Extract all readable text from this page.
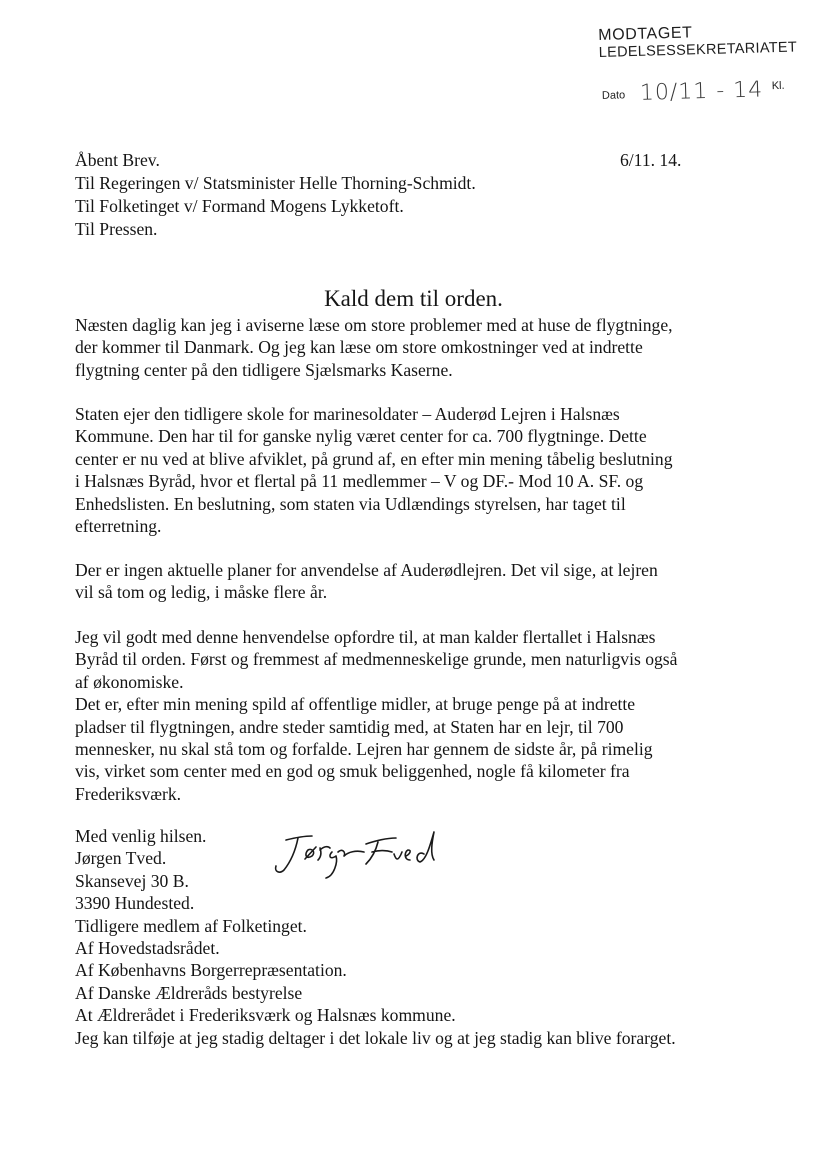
MODTAGET
LEDELSESSEKRETARIATET
Dato 10/11 - 14 Kl.
Åbent Brev.
Til Regeringen v/ Statsminister Helle Thorning-Schmidt.
Til Folketinget v/ Formand Mogens Lykketoft.
Til Pressen.
6/11. 14.
Kald dem til orden.
Næsten daglig kan jeg i aviserne læse om store problemer med at huse de flygtninge,
der kommer til Danmark. Og jeg kan læse om store omkostninger ved at indrette
flygtning center på den tidligere Sjælsmarks Kaserne.
Staten ejer den tidligere skole for marinesoldater – Auderød Lejren i Halsnæs
Kommune. Den har til for ganske nylig været center for ca. 700 flygtninge. Dette
center er nu ved at blive afviklet, på grund af, en efter min mening tåbelig beslutning
i Halsnæs Byråd, hvor et flertal på 11 medlemmer – V og DF.- Mod 10 A. SF. og
Enhedslisten. En beslutning, som staten via Udlændings styrelsen, har taget til
efterretning.
Der er ingen aktuelle planer for anvendelse af Auderødlejren. Det vil sige, at lejren
vil så tom og ledig, i måske flere år.
Jeg vil godt med denne henvendelse opfordre til, at man kalder flertallet i Halsnæs
Byråd til orden. Først og fremmest af medmenneskelige grunde, men naturligvis også
af økonomiske.
Det er, efter min mening spild af offentlige midler, at bruge penge på at indrette
pladser til flygtningen, andre steder samtidig med, at Staten har en lejr, til 700
mennesker, nu skal stå tom og forfalde. Lejren har gennem de sidste år, på rimelig
vis, virket som center med en god og smuk beliggenhed, nogle få kilometer fra
Frederiksværk.
Med venlig hilsen.
Jørgen Tved.
Skansevej 30 B.
3390 Hundested.
Tidligere medlem af Folketinget.
Af Hovedstadsrådet.
Af Københavns Borgerrepræsentation.
Af Danske Ældreråds bestyrelse
At Ældrerådet i Frederiksværk og Halsnæs kommune.
Jeg kan tilføje at jeg stadig deltager i det lokale liv og at jeg stadig kan blive forarget.
